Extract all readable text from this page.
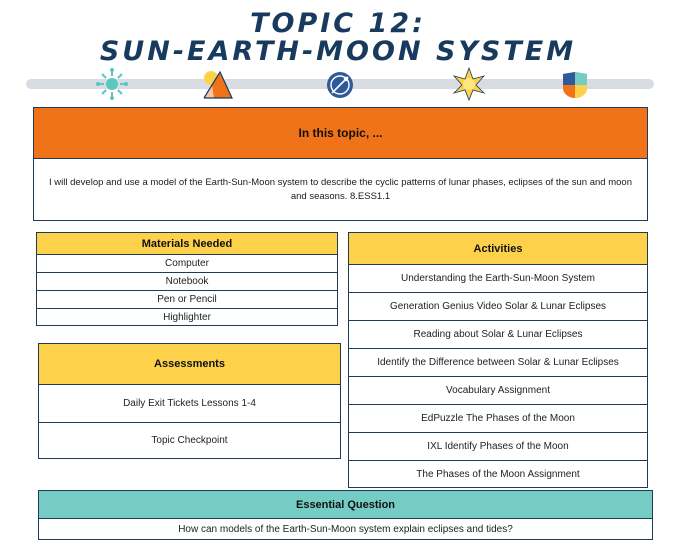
TOPIC 12:
SUN-EARTH-MOON SYSTEM
In this topic, ...
I will develop and use a model of the Earth-Sun-Moon system to describe the cyclic patterns of lunar phases, eclipses of the sun and moon and seasons. 8.ESS1.1
Materials Needed
Computer
Notebook
Pen or Pencil
Highlighter
Assessments
Daily Exit Tickets Lessons 1-4
Topic Checkpoint
Activities
Understanding the Earth-Sun-Moon System
Generation Genius Video Solar & Lunar Eclipses
Reading about Solar & Lunar Eclipses
Identify the Difference between Solar & Lunar Eclipses
Vocabulary Assignment
EdPuzzle The Phases of the Moon
IXL Identify Phases of the Moon
The Phases of the Moon Assignment
Essential Question
How can models of the Earth-Sun-Moon system explain eclipses and tides?
